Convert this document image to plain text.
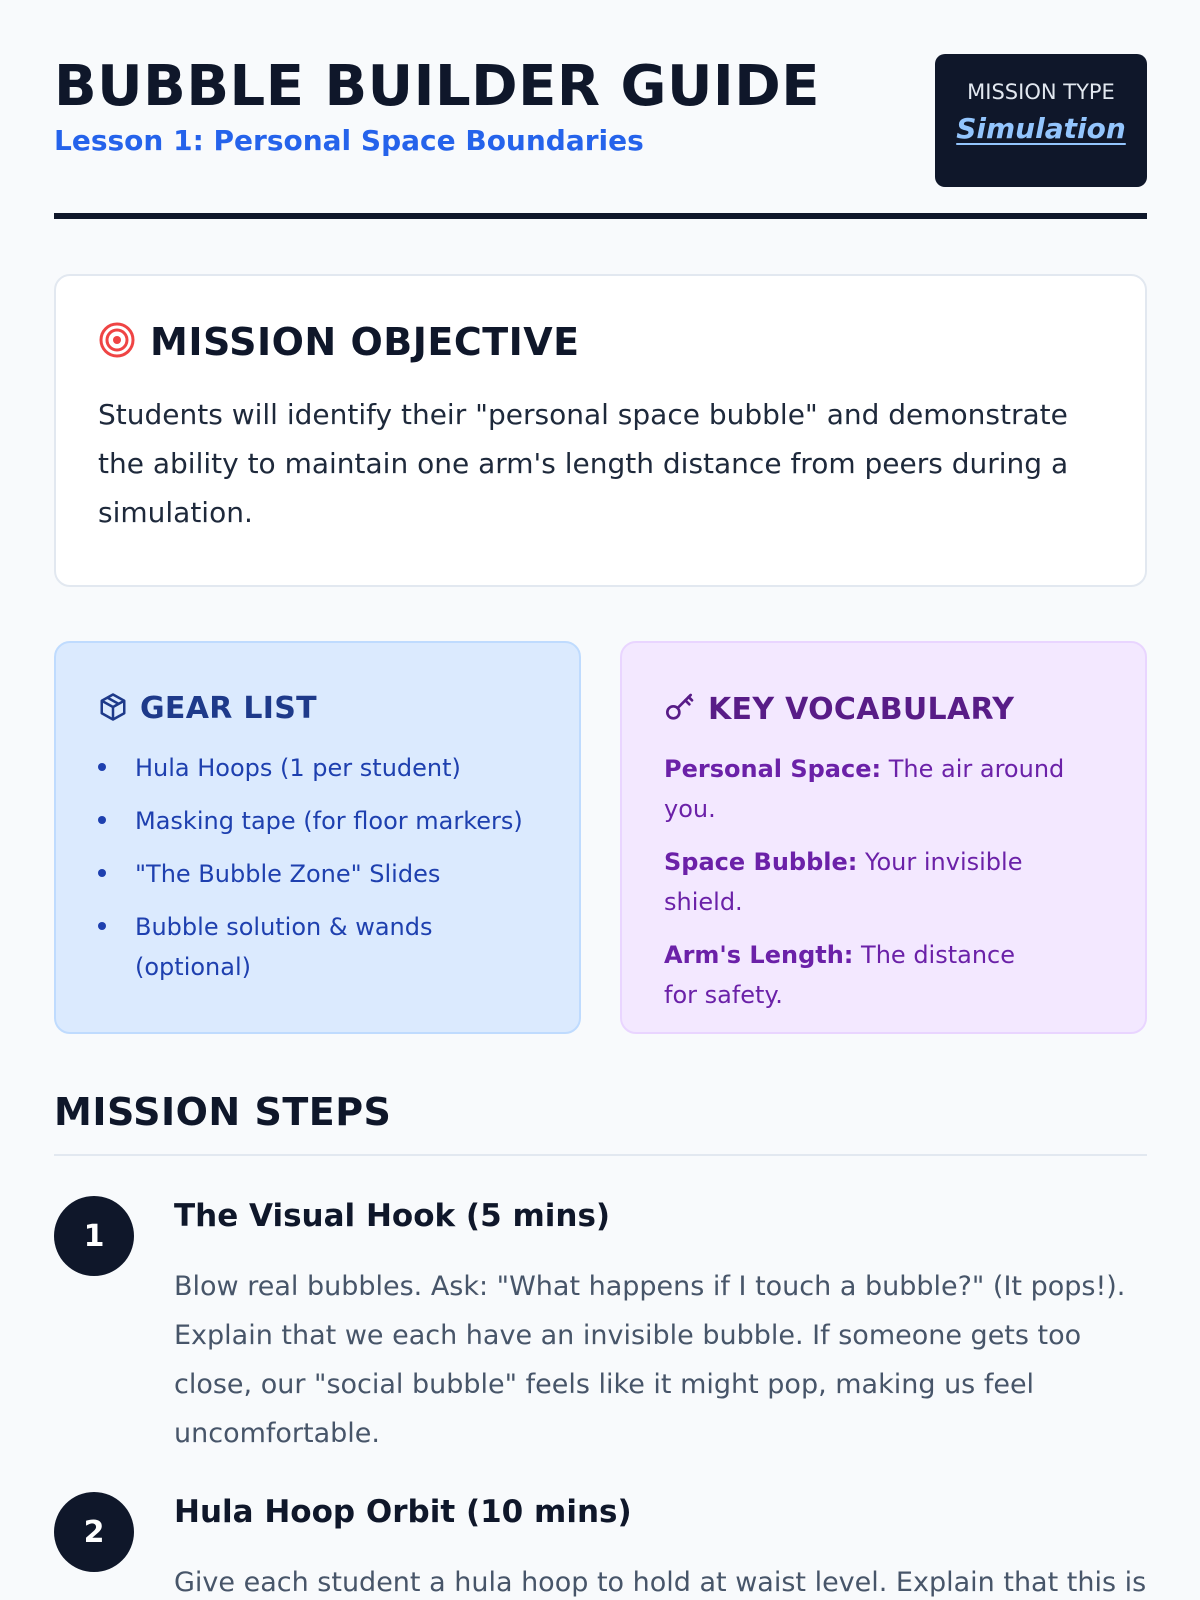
BUBBLE BUILDER GUIDE
Lesson 1: Personal Space Boundaries
MISSION TYPE
Simulation
MISSION OBJECTIVE

Students will identify their "personal space bubble" and demonstrate the ability to maintain one arm's length distance from peers during a simulation.

GEAR LIST
Hula Hoops (1 per student)
Masking tape (for floor markers)
"The Bubble Zone" Slides
Bubble solution & wands (optional)
KEY VOCABULARY
Personal Space: The air around you.
Space Bubble: Your invisible shield.
Arm's Length: The distance for safety.
MISSION STEPS
1
The Visual Hook (5 mins)
Blow real bubbles. Ask: "What happens if I touch a bubble?" (It pops!). Explain that we each have an invisible bubble. If someone gets too close, our "social bubble" feels like it might pop, making us feel uncomfortable.
2
Hula Hoop Orbit (10 mins)
Give each student a hula hoop to hold at waist level. Explain that this is
